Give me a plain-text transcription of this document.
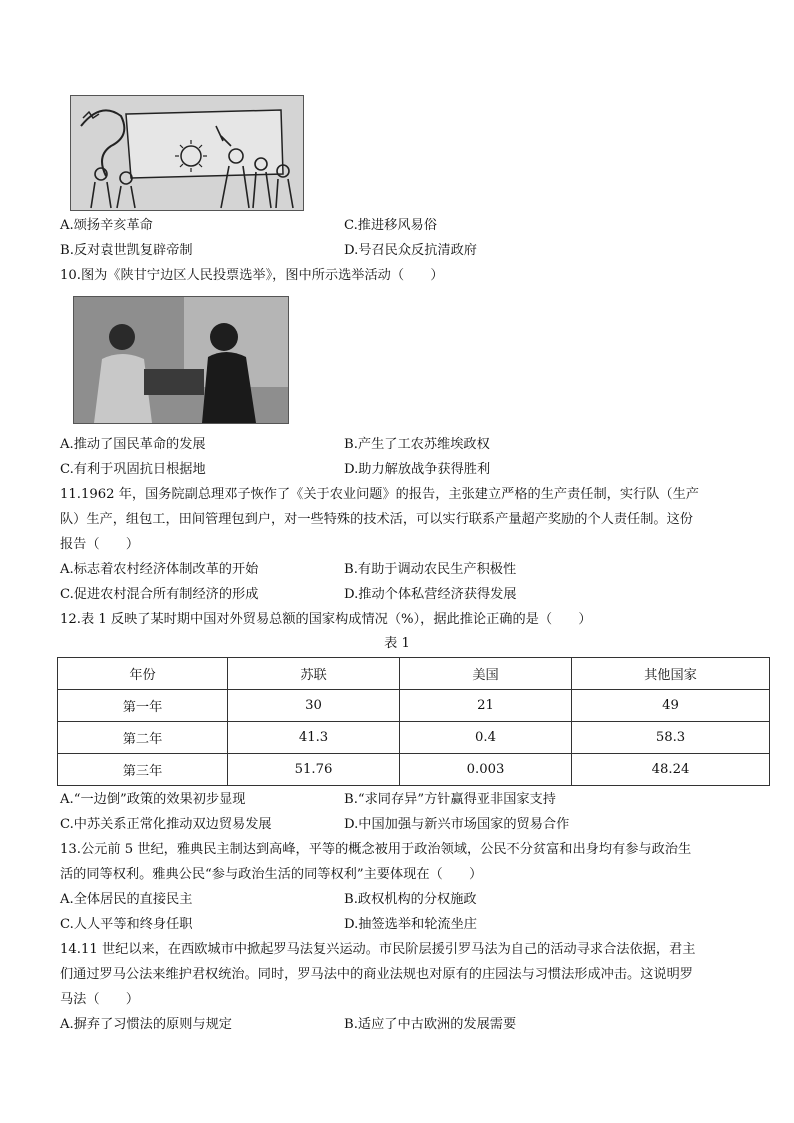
A.颂扬辛亥革命	C.推进移风易俗
B.反对袁世凯复辟帝制	D.号召民众反抗清政府
10.图为《陕甘宁边区人民投票选举》，图中所示选举活动（　　）
A.推动了国民革命的发展	B.产生了工农苏维埃政权
C.有利于巩固抗日根据地	D.助力解放战争获得胜利
11.1962 年，国务院副总理邓子恢作了《关于农业问题》的报告，主张建立严格的生产责任制，实行队（生产
队）生产，组包工，田间管理包到户，对一些特殊的技术活，可以实行联系产量超产奖励的个人责任制。这份
报告（　　）
A.标志着农村经济体制改革的开始	B.有助于调动农民生产积极性
C.促进农村混合所有制经济的形成	D.推动个体私营经济获得发展
12.表 1 反映了某时期中国对外贸易总额的国家构成情况（%），据此推论正确的是（　　）
表 1
年份	苏联	美国	其他国家
第一年	30	21	49
第二年	41.3	0.4	58.3
第三年	51.76	0.003	48.24
A.“一边倒”政策的效果初步显现	B.“求同存异”方针赢得亚非国家支持
C.中苏关系正常化推动双边贸易发展	D.中国加强与新兴市场国家的贸易合作
13.公元前 5 世纪，雅典民主制达到高峰，平等的概念被用于政治领域，公民不分贫富和出身均有参与政治生
活的同等权利。雅典公民“参与政治生活的同等权利”主要体现在（　　）
A.全体居民的直接民主	B.政权机构的分权施政
C.人人平等和终身任职	D.抽签选举和轮流坐庄
14.11 世纪以来，在西欧城市中掀起罗马法复兴运动。市民阶层援引罗马法为自己的活动寻求合法依据，君主
们通过罗马公法来维护君权统治。同时，罗马法中的商业法规也对原有的庄园法与习惯法形成冲击。这说明罗
马法（　　）
A.摒弃了习惯法的原则与规定	B.适应了中古欧洲的发展需要
